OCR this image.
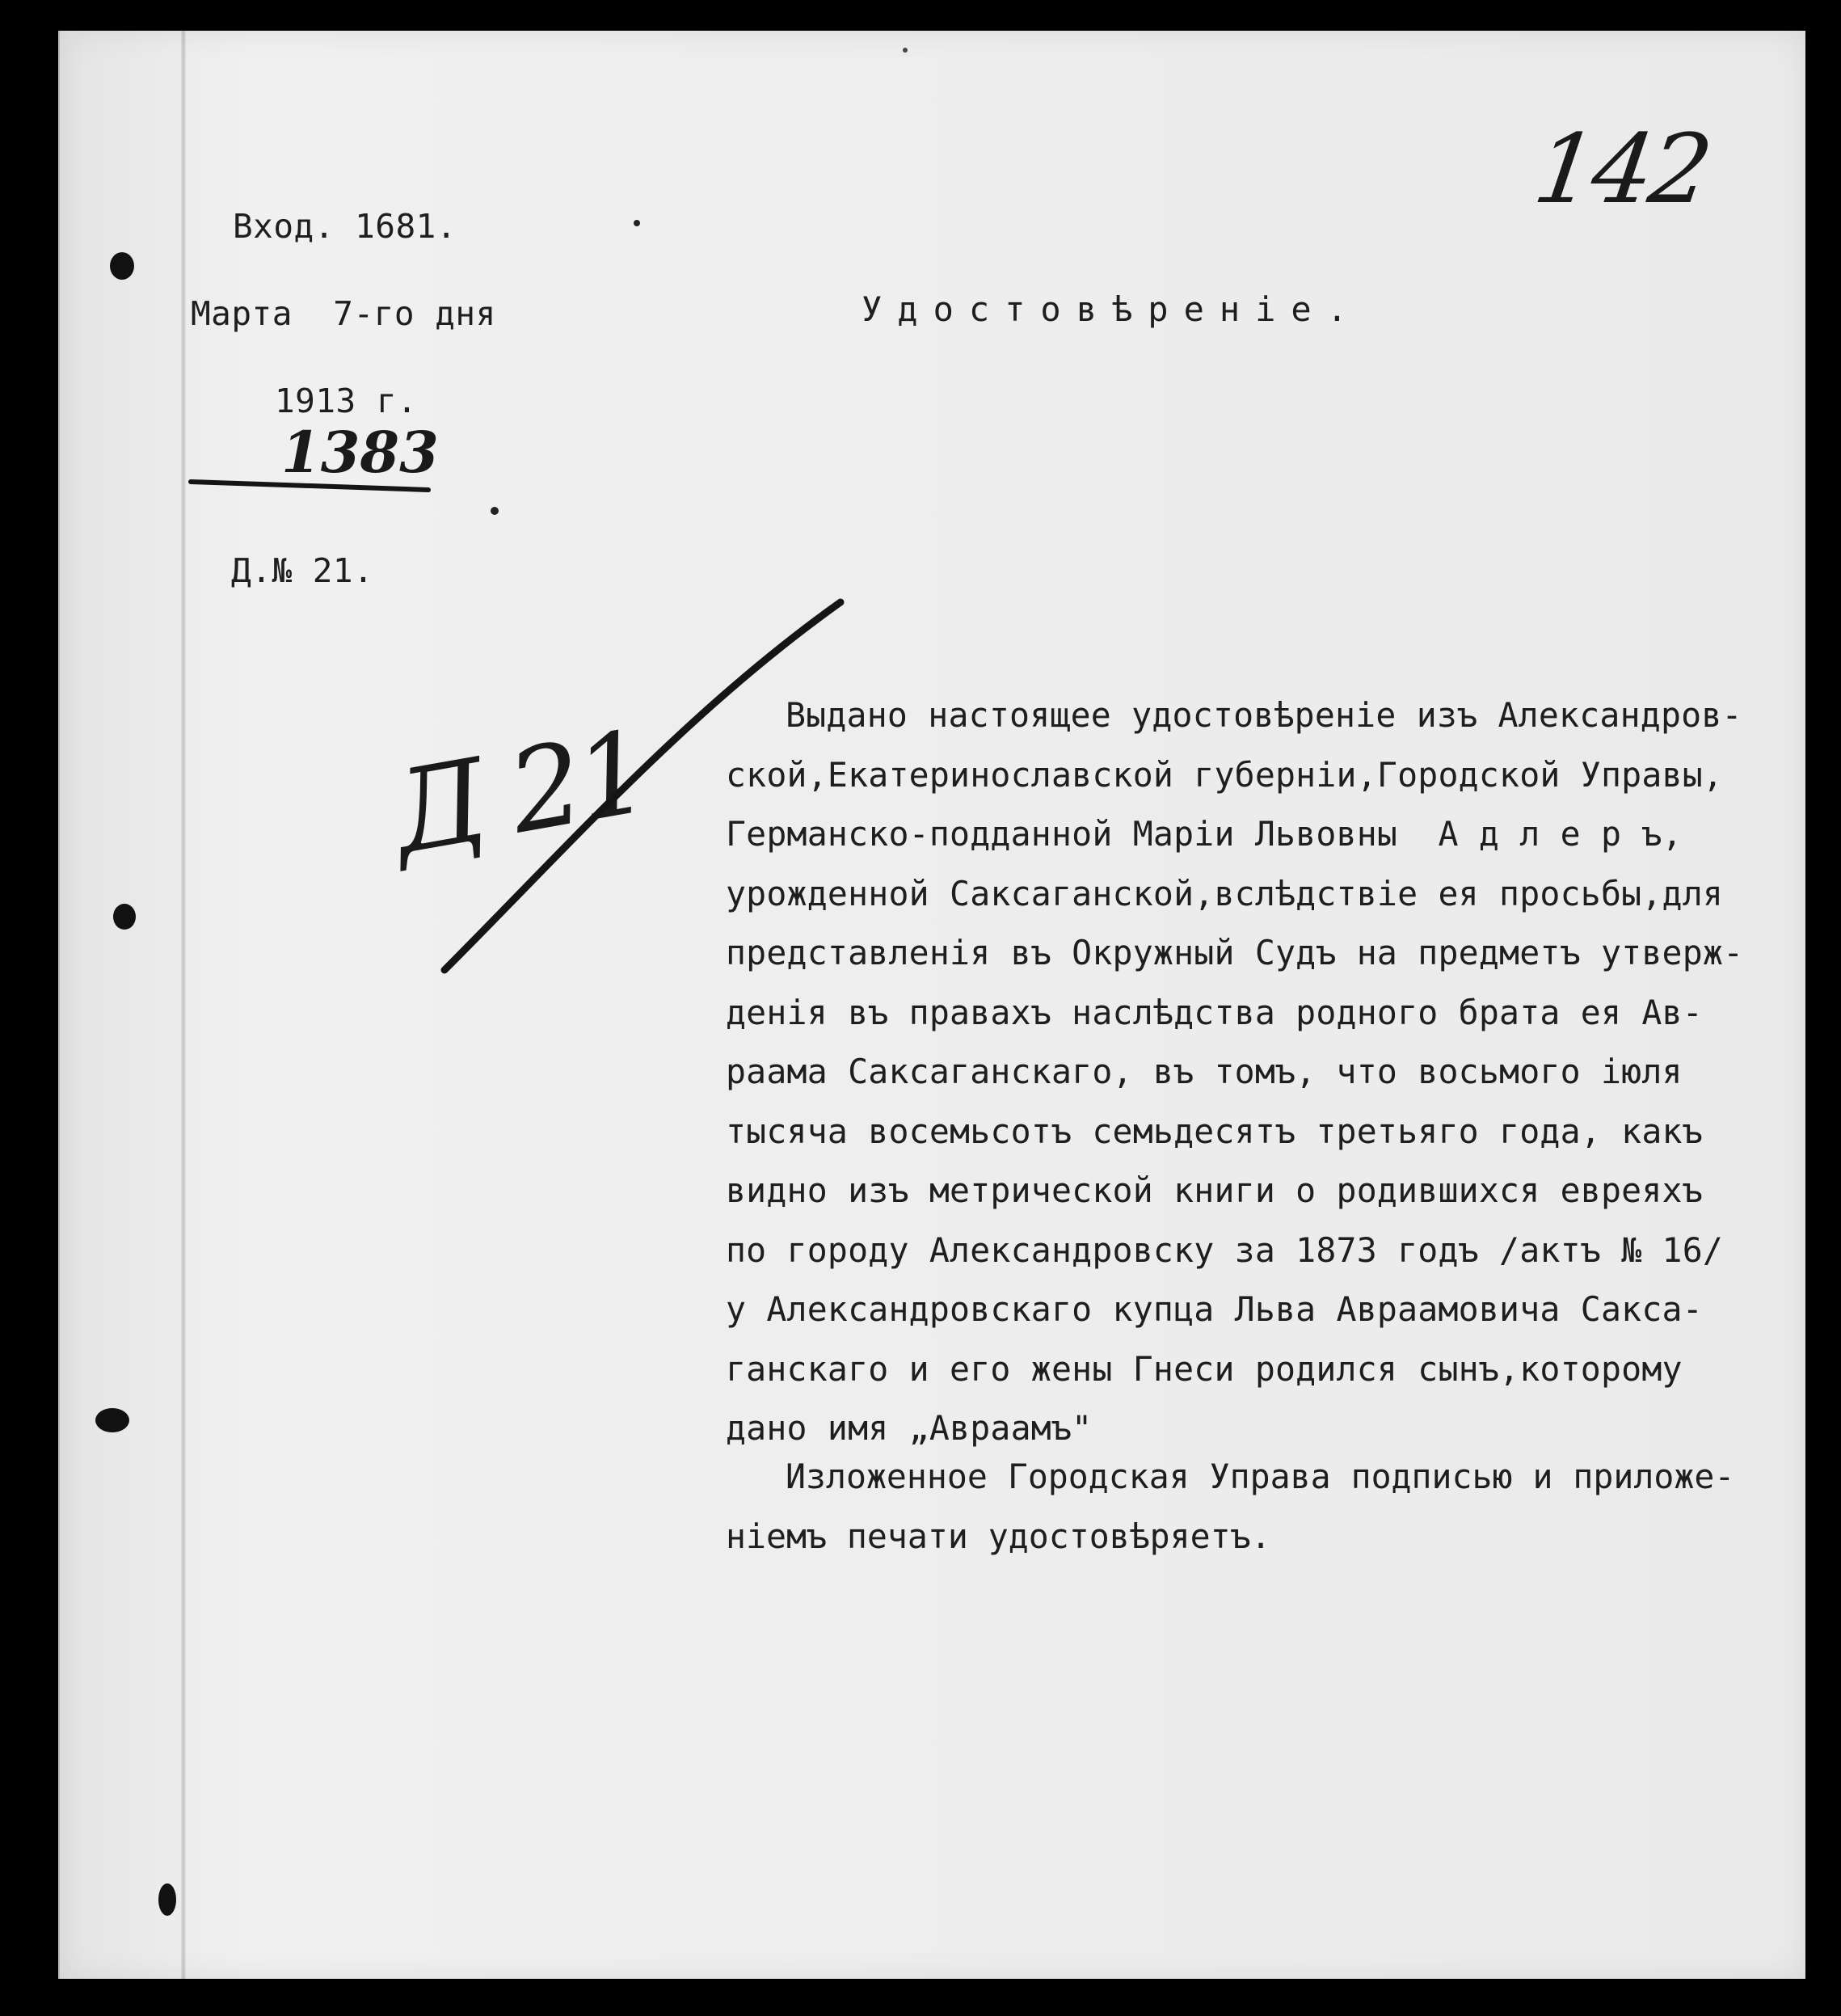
142
Вход. 1681.
Марта  7-го дня
1913 г.
1383
Д.№ 21.
Удостовѣреніе.
Д 21	Выдано настоящее удостовѣреніе изъ Александров-
ской,Екатеринославской губерніи,Городской Управы,
Германско-подданной Маріи Львовны  А д л е р ъ,
урожденной Саксаганской,вслѣдствіе ея просьбы,для
представленія въ Окружный Судъ на предметъ утверж-
денія въ правахъ наслѣдства родного брата ея Ав-
раама Саксаганскаго, въ томъ, что восьмого іюля
тысяча восемьсотъ семьдесятъ третьяго года, какъ
видно изъ метрической книги о родившихся евреяхъ
по городу Александровску за 1873 годъ /актъ № 16/
у Александровскаго купца Льва Авраамовича Сакса-
ганскаго и его жены Гнеси родился сынъ,которому
дано имя „Авраамъ"
Изложенное Городская Управа подписью и приложе-
ніемъ печати удостовѣряетъ.
